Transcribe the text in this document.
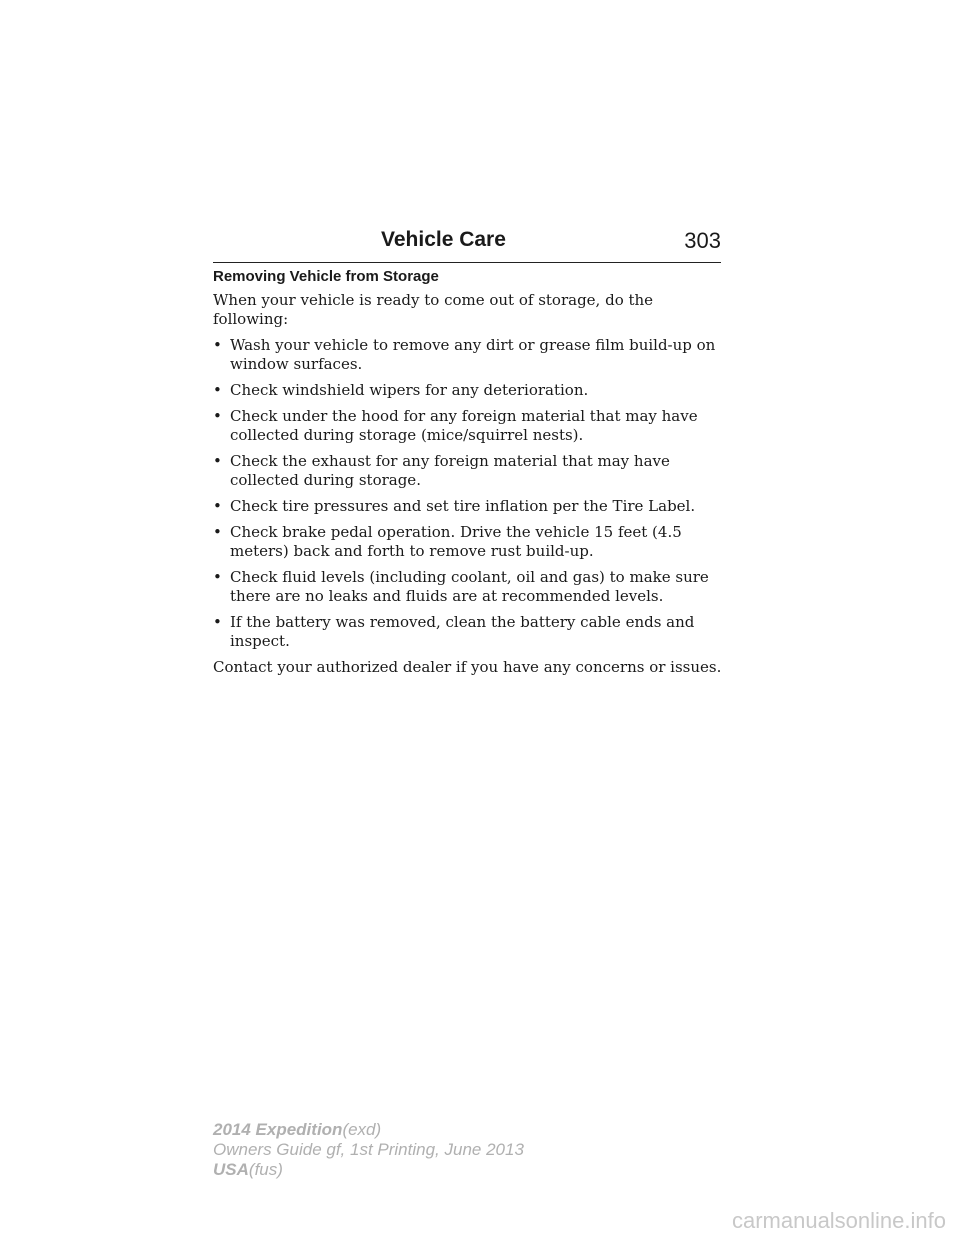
Vehicle Care	303
Removing Vehicle from Storage

When your vehicle is ready to come out of storage, do the following:

• Wash your vehicle to remove any dirt or grease film build-up on window surfaces.
• Check windshield wipers for any deterioration.
• Check under the hood for any foreign material that may have collected during storage (mice/squirrel nests).
• Check the exhaust for any foreign material that may have collected during storage.
• Check tire pressures and set tire inflation per the Tire Label.
• Check brake pedal operation. Drive the vehicle 15 feet (4.5 meters) back and forth to remove rust build-up.
• Check fluid levels (including coolant, oil and gas) to make sure there are no leaks and fluids are at recommended levels.
• If the battery was removed, clean the battery cable ends and inspect.

Contact your authorized dealer if you have any concerns or issues.

2014 Expedition(exd)
Owners Guide gf, 1st Printing, June 2013
USA(fus)
carmanualsonline.info
